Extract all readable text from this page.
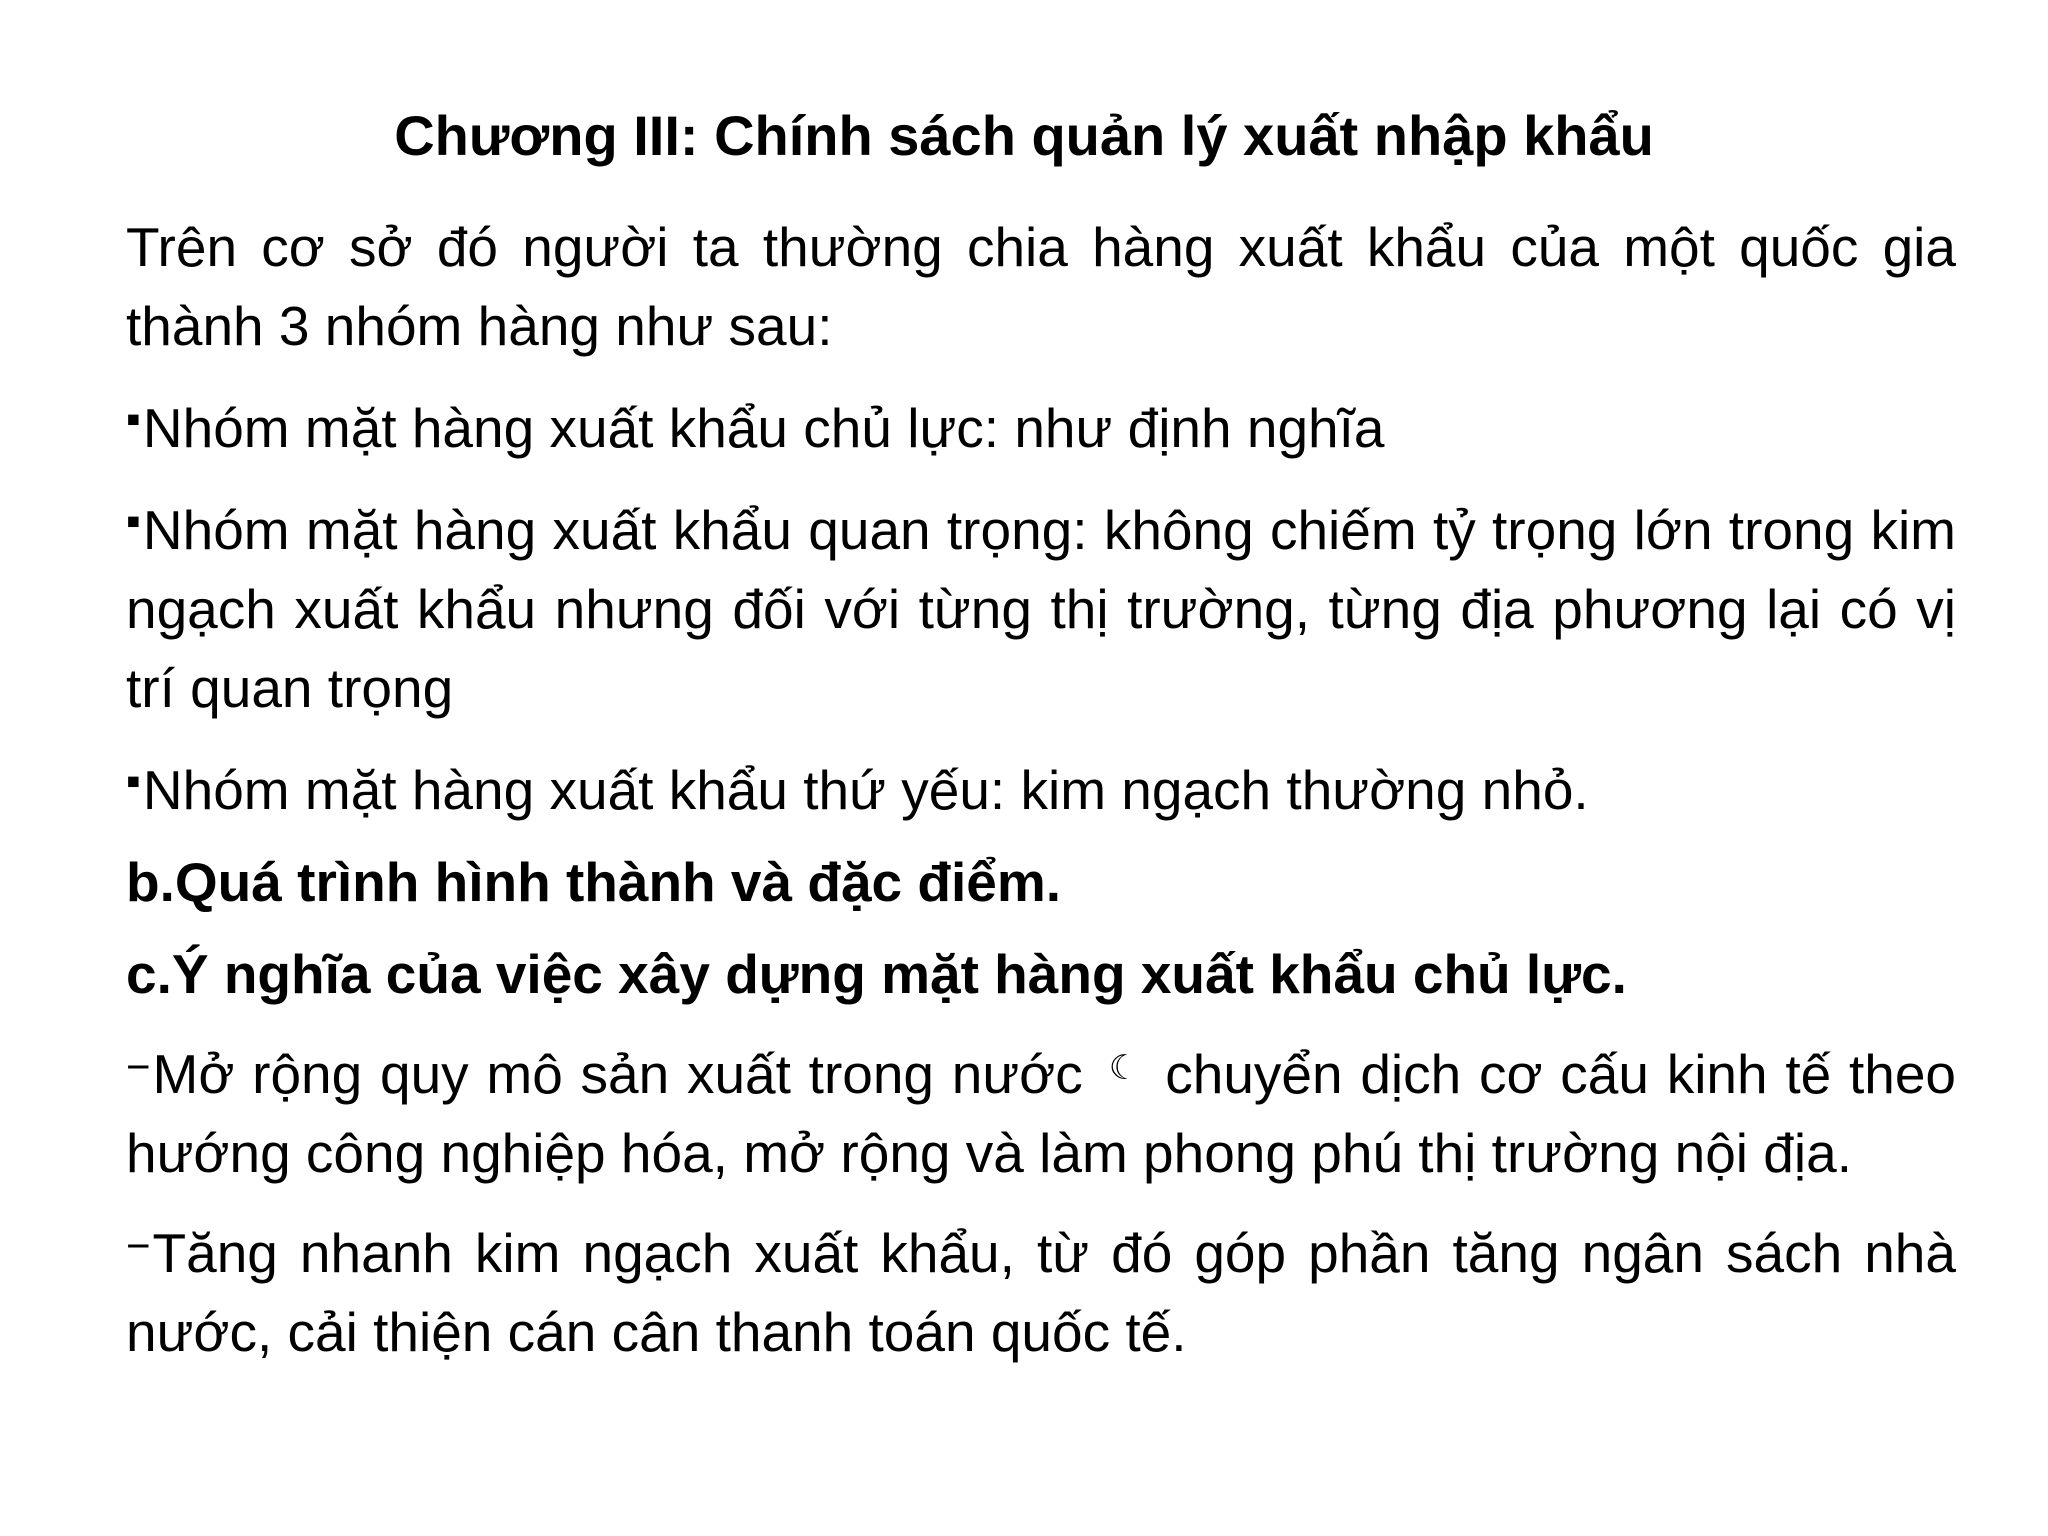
Chương III: Chính sách quản lý xuất nhập khẩu

Trên cơ sở đó người ta thường chia hàng xuất khẩu của một quốc gia thành 3 nhóm hàng như sau:

▪Nhóm mặt hàng xuất khẩu chủ lực: như định nghĩa

▪Nhóm mặt hàng xuất khẩu quan trọng: không chiếm tỷ trọng lớn trong kim ngạch xuất khẩu nhưng đối với từng thị trường, từng địa phương lại có vị trí quan trọng

▪Nhóm mặt hàng xuất khẩu thứ yếu: kim ngạch thường nhỏ.

b.Quá trình hình thành và đặc điểm.

c.Ý nghĩa của việc xây dựng mặt hàng xuất khẩu chủ lực.

−Mở rộng quy mô sản xuất trong nước ☾ chuyển dịch cơ cấu kinh tế theo hướng công nghiệp hóa, mở rộng và làm phong phú thị trường nội địa.

−Tăng nhanh kim ngạch xuất khẩu, từ đó góp phần tăng ngân sách nhà nước, cải thiện cán cân thanh toán quốc tế.
